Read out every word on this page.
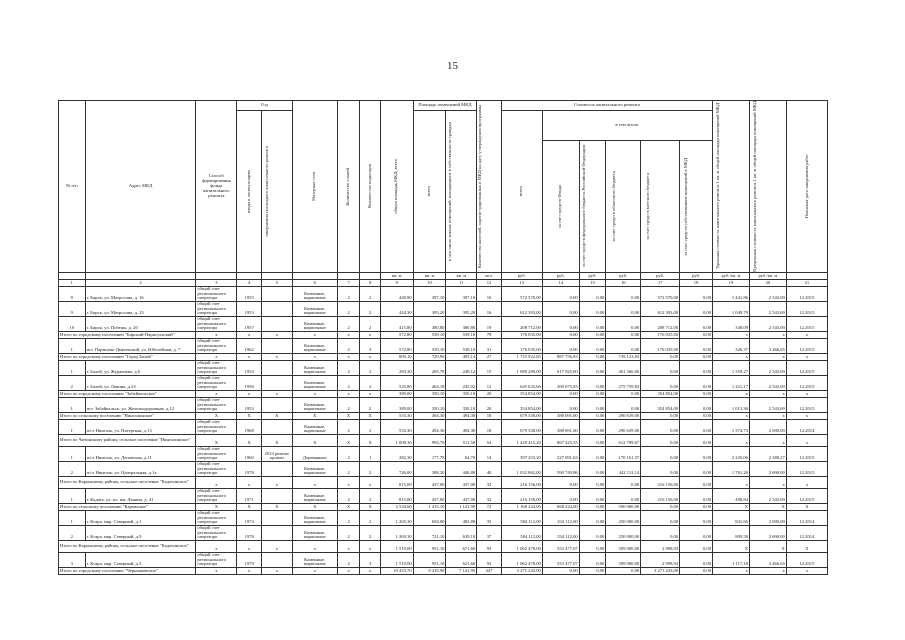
15
№ п/п	Адрес МКД	Способ формирования фонда капитального ремонта	Год		Материал стен	Количество этажей	Количество подъездов	общая площадь МКД, всего	Площадь помещений МКД		Количество жителей, зарегистрированных в МКД на дату утверждения программы	Стоимость капитального ремонта						Удельная стоимость капитального ремонта 1 кв. м общей площади помещений МКД	Предельная стоимость капитального ремонта 1 кв. м общей площади помещений МКД	Плановая дата завершения работ

			ввода в эксплуатацию	завершения последнего капитального ремонта					всего	в том числе жилых помещений, находящихся в собственности граждан		всего	в том числе:							

													за счет средств Фонда	за счет средств федерального бюджета Российской Федерации	за счет средств областного бюджета	за счет средств местного бюджета	за счет средств собственников помещений в МКД			

								кв. м	кв. м	кв. м	чел.	руб.	руб.	руб.	руб.	руб.	руб.	руб./кв. м	руб./кв. м	
1	2	3	4	5	6	7	8	9	10	11	12	13	14	15	16	17	18	19	20	21
8	г. Бирск, ул. Матросова, д. 16	общий счет регионального оператора	1955		Каменные, кирпичные	2	2	440,90	397,10	397,10	16	572 570,00	0,00	0,00	0,00	572 570,00	0,00	1 441,86	2 543,69	12.2015
9	г. Бирск, ул. Матросова, д. 23	общий счет регионального оператора	1953		Каменные, кирпичные	2	2	444,30	395,20	395,20	16	612 393,00	0,00	0,00	0,00	612 393,00	0,00	1 049,79	2 543,69	12.2015
10	г. Бирск, ул. Победы, д. 20	общий счет регионального оператора	1957		Каменные, кирпичные	2	2	415,80	380,80	380,80	19	208 712,00	0,00	0,00	0,00	208 712,00	0,00	348,09	2 543,69	12.2015
Итого по городскому поселению "Бирский-Парисульский"		x	x	x	x	x	x	572,80	539,10	539,10	79	176 035,00	0,00	0,00	0,00	176 035,00	0,00	x	x	x
1	пгт. Парисино-Дьяченский, ул. Юбилейная, д. 7	общий счет регионального оператора	1962		Каменные, кирпичные	2	3	572,80	539,10	539,10	31	176 035,00	0,00	0,00	0,00	176 035,00	0,00	326,37	3 466,65	12.2015
Итого по городскому поселению "Город Балей"		x	x	x	x	x	x	809,10	729,96	493,14	27	1 725 922,65	887 756,83	0,00	739 123,83	0,00	0,00	x	x	x
1	г. Балей, ул. Журавлева, д.6	общий счет регионального оператора	1954		Каменные, кирпичные	2	2	283,30	265,78	248,12	15	1 080 289,00	617 925,00	0,00	461 366,00	0,00	0,00	1 359,27	2 543,69	12.2015
2	г. Балей, ул. Ленина, д.23	общий счет регионального оператора	1956		Каменные, кирпичные	2	2	525,80	464,18	245,02	12	645 633,66	369 675,83	0,00	275 759,83	0,00	0,00	1 221,17	2 543,69	12.2015
Итого по городскому поселению "Забайкальское"		x	x	x	x	x	x	389,00	350,10	350,10	20	354 854,00	0,00	0,00	0,00	354 854,00	0,00	x	x	x
1	пгт. Забайкальск, ул. Железнодорожная, д.12	общий счет регионального оператора	1953		Каменные, кирпичные	2	2	389,00	350,10	350,10	20	354 854,00	0,00	0,00	0,00	354 854,00	0,00	1 013,36	2 543,69	12.2015
Итого по сельскому поселению "Нингалинское"		X	X	X	X	X	X	533,30	494,30	494,30	18	679 330,00	388 691,00	0,00	290 639,00	0,00	0,00	x	x	x
1	п/ст Нингаль, ул. Пятерская, д.13	общий счет регионального оператора	1968		Каменные, кирпичные	2	2	533,30	494,30	494,30	18	679 330,00	388 691,00	0,00	290 639,00	0,00	0,00	1 374,73	2 690,00	12.2014
Итого по Читинскому району, сельское поселение "Нингалинское"		X	X	X	X	X	X	1 008,30	993,76	511,50	54	1 429 415,20	867 425,55	0,00	612 709,67	0,00	0,00	x	x	x
1	п/ст Нингаль, ул. Деповская, д.11	общий счет регионального оператора	1960	2013 ремонт кровли	Деревянные	2	1	282,30	177,78	64,70	14	397 253,20	227 091,63	0,00	170 161,57	0,00	0,00	2 235,06	2 380,27	12.2015
2	п/ст Нингаль, ул. Центральная, д.1а	общий счет регионального оператора	1978		Каменные, кирпичные	2	2	726,00	388,30	446,80	40	1 032 862,00	590 749,86	0,00	442 112,14	0,00	0,00	1 761,20	2 690,00	12.2015
Итого по Карымскому району, сельское поселение "Кадахинское"		x	x	x	x	x	x	815,00	437,00	437,00	32	216 156,00	0,00	0,00	0,00	216 156,00	0,00	x	x	x
1	г. Кадать, ул. пл. им. Ленина, д. 41	общий счет регионального оператора	1971		Каменные, кирпичные	2	2	815,00	437,00	437,00	32	216 156,00	0,00	0,00	0,00	216 156,00	0,00	498,84	2 543,69	12.2015
Итого по сельскому поселению "Карымское"		X	X	X	X	X	X	2 534,60	1 415,10	1 121,90	72	1 168 224,00	668 224,00	0,00	500 000,00	0,00	0,00	X	X	X
1	г. Кгара, мкр. Северный, д.1	общий счет регионального оператора	1974		Каменные, кирпичные	2	2	1 265,30	694,00	482,80	35	584 112,00	334 112,00	0,00	250 000,00	0,00	0,00	841,66	2 690,00	12.2014
2	г. Кгара, мкр. Северный, д.9	общий счет регионального оператора	1978		Каменные, кирпичные	2	2	1 269,30	721,10	639,10	37	584 112,00	334 112,00	0,00	250 000,00	0,00	0,00	809,58	2 690,00	12.2014
Итого по Карымскому району, сельское поселение "Кадахинское"		x	x	x	x	x	x	1 519,00	951,10	671,60	93	1 062 478,00	553 477,07	0,00	509 000,00	2 998,93	0,00	X	X	X
3	г. Кгара, мкр. Северный, д.3	общий счет регионального оператора	1979		Каменные, кирпичные	2	3	1 519,00	951,10	621,60	93	1 062 478,00	553 477,07	0,00	509 000,00	2 998,93	0,00	1 117,18	3 466,65	12.2015
Итого по городскому поселению "Чернышевское"		x	x	x	x	x	x	10 453,70	9 219,90	7 141,95	447	3 271 243,00	0,00	0,00	0,00	3 271 243,00	0,00	x	x	x
